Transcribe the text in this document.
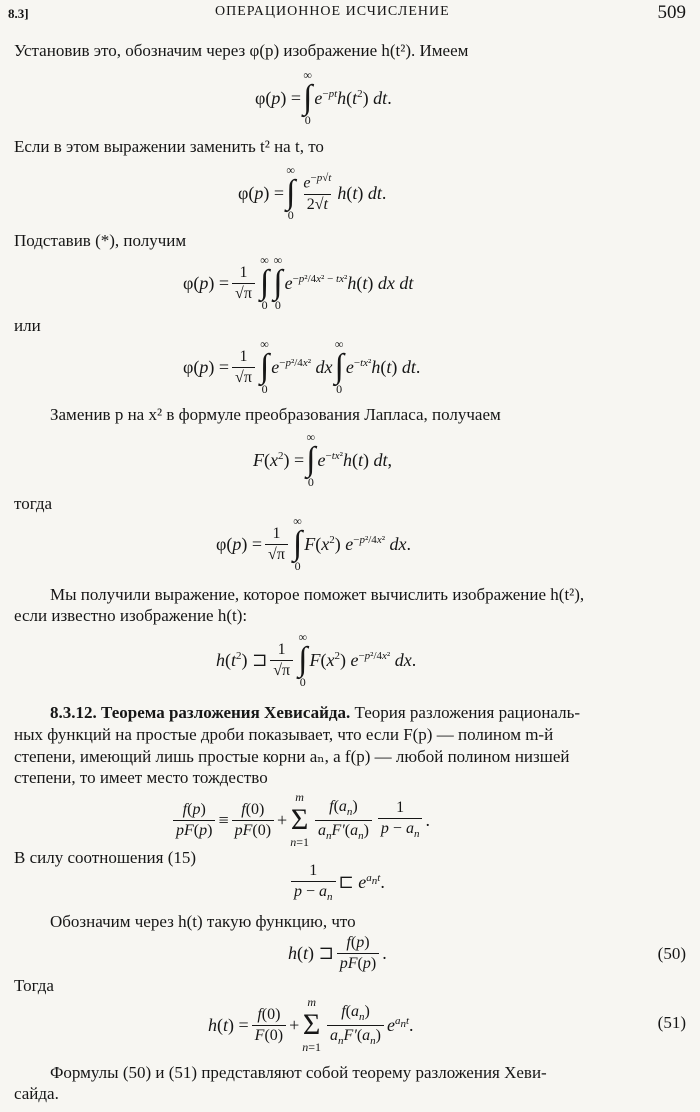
8.3]	ОПЕРАЦИОННОЕ ИСЧИСЛЕНИЕ	509
Установив это, обозначим через φ(p) изображение h(t²). Имеем
φ(p) =
∞
∫
0
$e^{-pt}h(t^2)$ dt.
Если в этом выражении заменить t² на t, то
φ(p) =
∞
∫
0
$\frac{e^{-p√t}}{2√t} h(t)$ dt.
Подставив (*), получим
$\varphi(p) = \frac{1}{√\pi}$
∞
∫
0
∞
∫
0
$e^{-p^2/4x^2 - tx^2}h(t)$ dx dt
или
$\varphi(p) = \frac{1}{√\pi}$
∞
∫
0
$e^{-p^2/4x^2}$ dx
∞
∫
0
$e^{-tx^2}h(t)$ dt.
Заменив p на x² в формуле преобразования Лапласа, получаем
$F(x^2)$ =
∞
∫
0
$e^{-tx^2}h(t)$ dt,
тогда
$\varphi(p) = \frac{1}{√\pi}$
∞
∫
0
$F(x^2)$ $e^{-p^2/4x^2}$ dx.
Мы получили выражение, которое поможет вычислить изображение h(t²),
если известно изображение h(t):
$h(t^2)$ ⊐ $\frac{1}{√\pi}$
∞
∫
0
$F(x^2)$ $e^{-p^2/4x^2}$ dx.
8.3.12. Теорема разложения Хевисайда. Теория разложения рациональ-
ных функций на простые дроби показывает, что если F(p) — полином m-й
степени, имеющий лишь простые корни aₙ, а f(p) — любой полином низшей
степени, то имеет место тождество
$\frac{f(p)}{pF(p)} \equiv \frac{f(0)}{pF(0)}$ +
m
Σ
n=1
$\frac{f(a_n)}{a_nF'(a_n)} \frac{1}{p - a_n}$ .
В силу соотношения (15)
$\frac{1}{p - a_n}$ ⊏ $e^{a_nt}$.
Обозначим через h(t) такую функцию, что
h(t) ⊐ $\frac{f(p)}{pF(p)}$ .	(50)
Тогда
$h(t) = \frac{f(0)}{F(0)}$ +
m
Σ
n=1
$\frac{f(a_n)}{a_nF'(a_n)} e^{a_nt}$.	(51)
Формулы (50) и (51) представляют собой теорему разложения Хеви-
сайда.
